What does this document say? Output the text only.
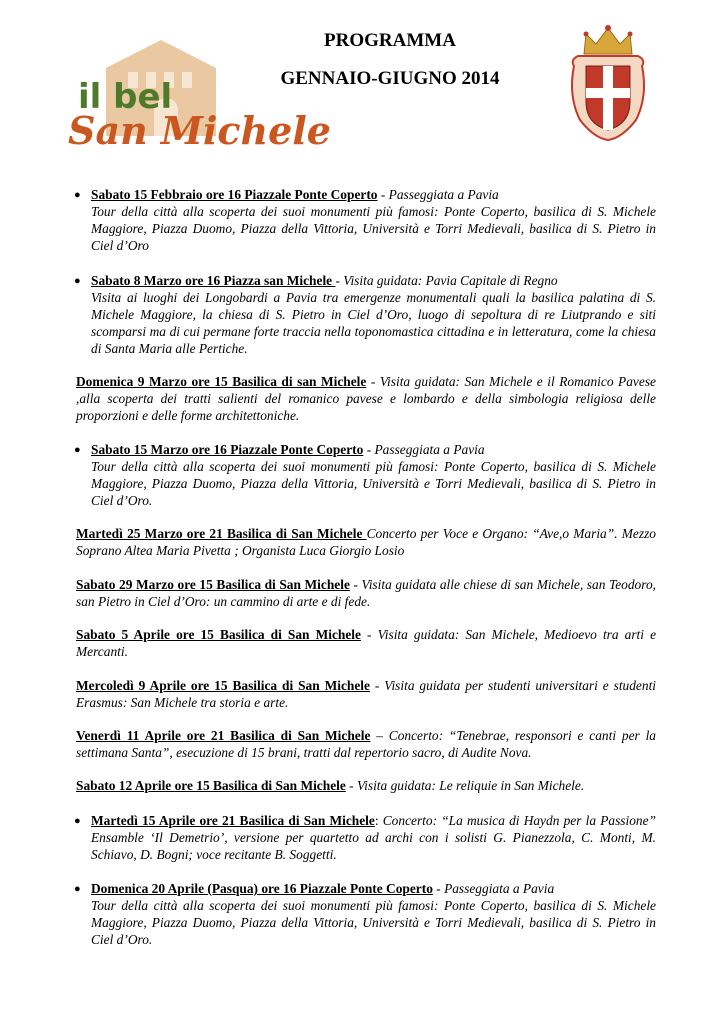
il bel
San Michele
PROGRAMMA
GENNAIO-GIUGNO 2014
● Sabato 15 Febbraio ore 16 Piazzale Ponte Coperto - Passeggiata a Pavia

Tour della città alla scoperta dei suoi monumenti più famosi: Ponte Coperto, basilica di S. Michele Maggiore, Piazza Duomo, Piazza della Vittoria, Università e Torri Medievali, basilica di S. Pietro in Ciel d’Oro

● Sabato 8 Marzo ore 16 Piazza san Michele - Visita guidata: Pavia Capitale di Regno

Visita ai luoghi dei Longobardi a Pavia tra emergenze monumentali quali la basilica palatina di S. Michele Maggiore, la chiesa di S. Pietro in Ciel d’Oro, luogo di sepoltura di re Liutprando e siti scomparsi ma di cui permane forte traccia nella toponomastica cittadina e in letteratura, come la chiesa di Santa Maria alle Pertiche.

Domenica 9 Marzo ore 15 Basilica di san Michele - Visita guidata: San Michele e il Romanico Pavese ,alla scoperta dei tratti salienti del romanico pavese e lombardo e della simbologia religiosa delle proporzioni e delle forme architettoniche.

● Sabato 15 Marzo ore 16 Piazzale Ponte Coperto - Passeggiata a Pavia

Tour della città alla scoperta dei suoi monumenti più famosi: Ponte Coperto, basilica di S. Michele Maggiore, Piazza Duomo, Piazza della Vittoria, Università e Torri Medievali, basilica di S. Pietro in Ciel d’Oro.

Martedì 25 Marzo ore 21 Basilica di San Michele Concerto per Voce e Organo: “Ave,o Maria”. Mezzo Soprano Altea Maria Pivetta ; Organista Luca Giorgio Losio

Sabato 29 Marzo ore 15 Basilica di San Michele - Visita guidata alle chiese di san Michele, san Teodoro, san Pietro in Ciel d’Oro: un cammino di arte e di fede.

Sabato 5 Aprile ore 15 Basilica di San Michele - Visita guidata: San Michele, Medioevo tra arti e Mercanti.

Mercoledì 9 Aprile ore 15 Basilica di San Michele - Visita guidata per studenti universitari e studenti Erasmus: San Michele tra storia e arte.

Venerdì 11 Aprile ore 21 Basilica di San Michele – Concerto: “Tenebrae, responsori e canti per la settimana Santa”, esecuzione di 15 brani, tratti dal repertorio sacro, di Audite Nova.

Sabato 12 Aprile ore 15 Basilica di San Michele - Visita guidata: Le reliquie in San Michele.

● Martedì 15 Aprile ore 21 Basilica di San Michele: Concerto: “La musica di Haydn per la Passione” Ensamble ‘Il Demetrio’, versione per quartetto ad archi con i solisti G. Pianezzola, C. Monti, M. Schiavo, D. Bogni; voce recitante B. Soggetti.

● Domenica 20 Aprile (Pasqua) ore 16 Piazzale Ponte Coperto - Passeggiata a Pavia

Tour della città alla scoperta dei suoi monumenti più famosi: Ponte Coperto, basilica di S. Michele Maggiore, Piazza Duomo, Piazza della Vittoria, Università e Torri Medievali, basilica di S. Pietro in Ciel d’Oro.
